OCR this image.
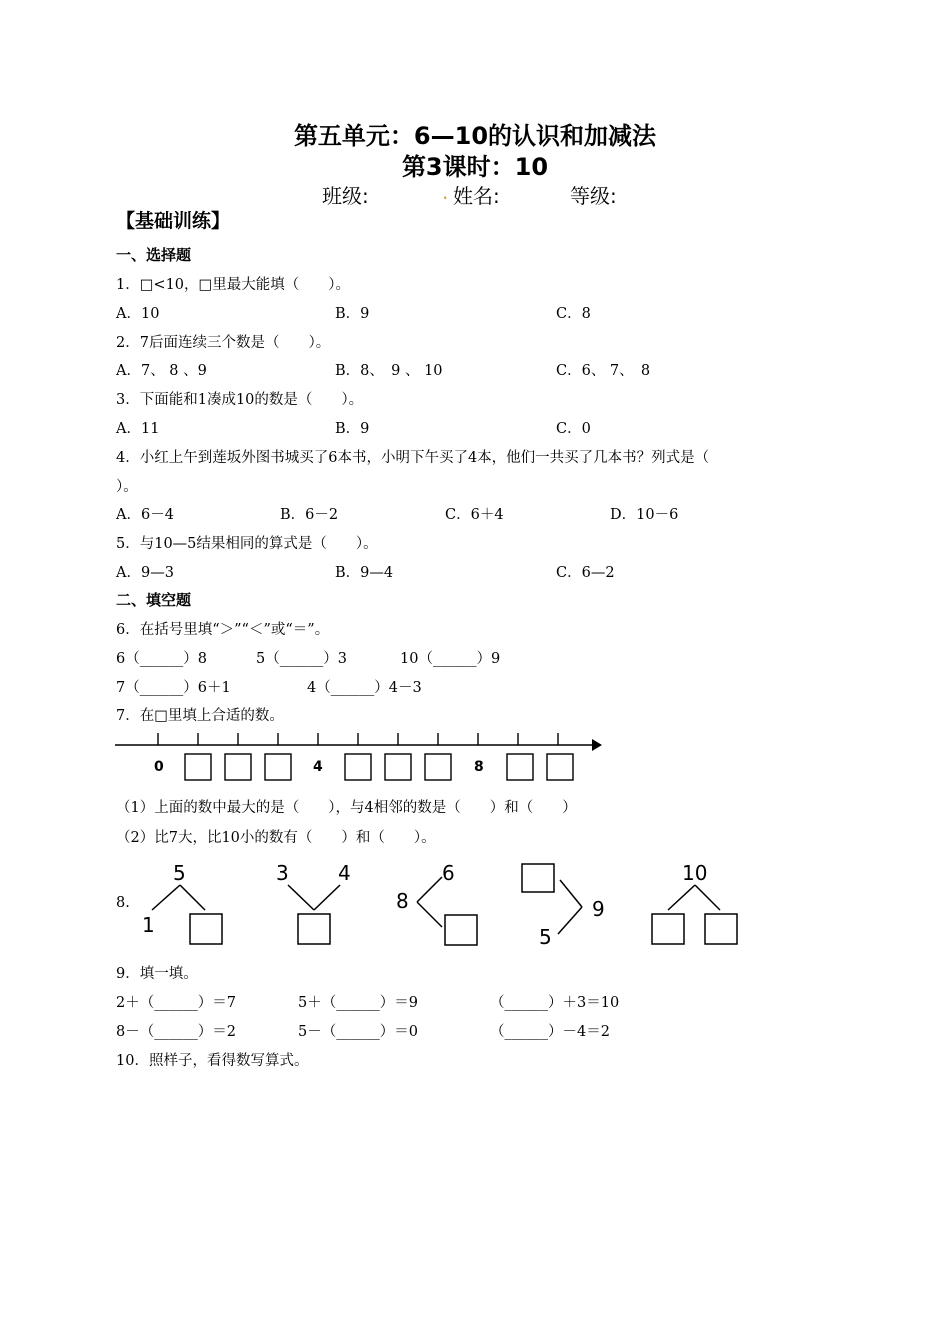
第五单元：6—10的认识和加减法
第3课时：10
班级:	. 姓名:	等级:
【基础训练】
一、选择题
1．□<10，□里最大能填（　　）。
A．10	B．9	C．8
2．7后面连续三个数是（　　）。
A．7、 8 、9	B．8、　9 、 10	C．6、 7、　8
3．下面能和1凑成10的数是（　　）。
A．11	B．9	C．0
4．小红上午到莲坂外图书城买了6本书，小明下午买了4本，他们一共买了几本书？列式是（
）。
A．6－4	B．6－2	C．6＋4	D．10－6
5．与10—5结果相同的算式是（　　）。
A．9—3	B．9—4	C．6—2
二、填空题
6．在括号里填“＞”“＜”或“＝”。
6（______）8	5（______）3	10（______）9
7（______）6＋1	4（______）4－3
7．在□里填上合适的数。
0	4	8
（1）上面的数中最大的是（　　），与4相邻的数是（　　）和（　　）
（2）比7大，比10小的数有（　　）和（　　）。
8.
5
1
3 4
8
6
9
5
10
9．填一填。
2＋（______）＝7	5＋（______）＝9	（______）＋3＝10
8－（______）＝2	5－（______）＝0	（______）－4＝2
10．照样子，看得数写算式。
